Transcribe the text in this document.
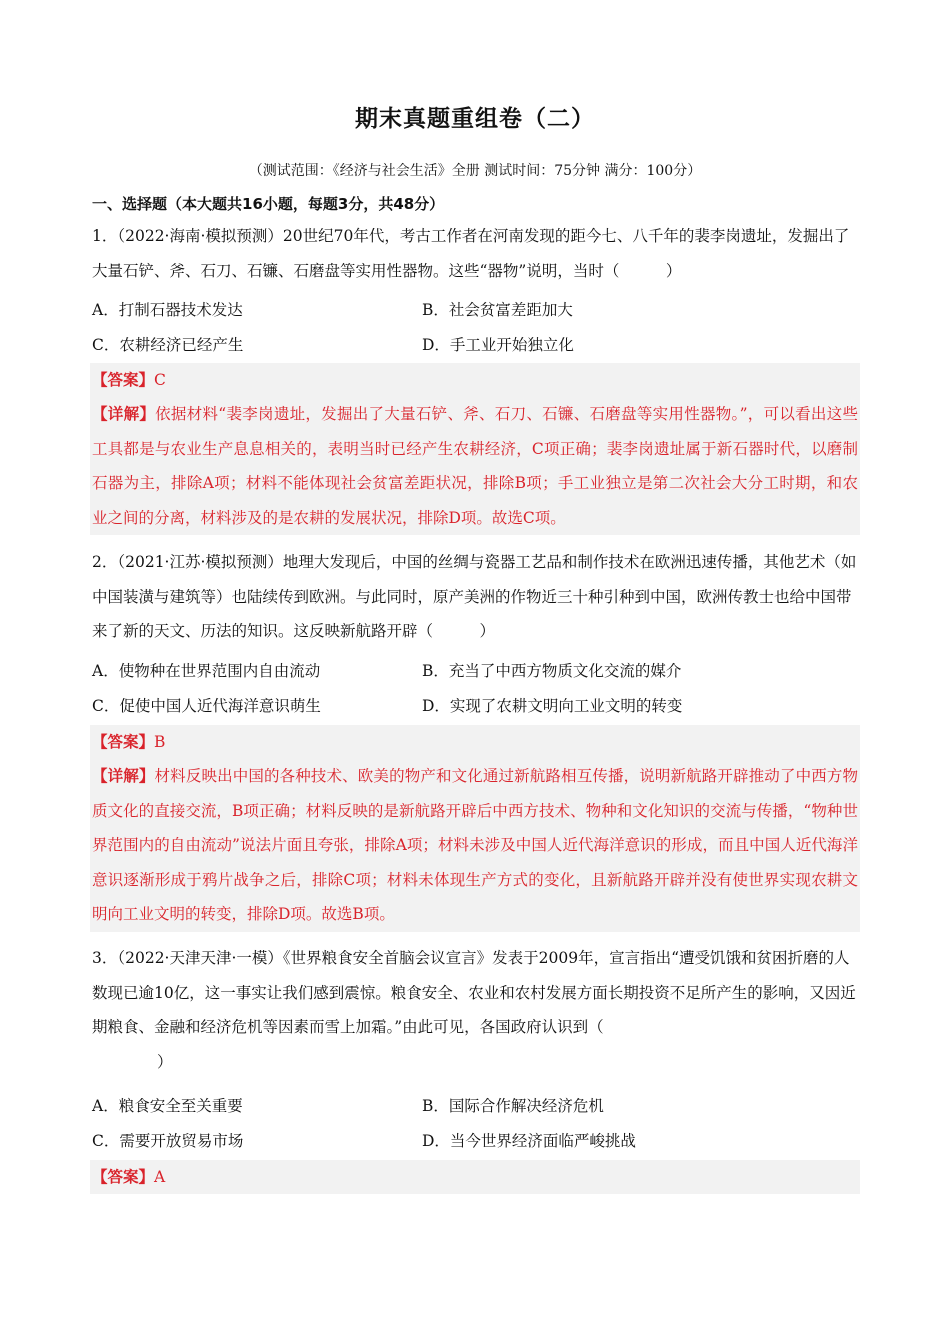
期末真题重组卷（二）
（测试范围：《经济与社会生活》全册 测试时间：75分钟 满分：100分）
一、选择题（本大题共16小题，每题3分，共48分）

1．（2022·海南·模拟预测）20世纪70年代，考古工作者在河南发现的距今七、八千年的裴李岗遗址，发掘出了大量石铲、斧、石刀、石镰、石磨盘等实用性器物。这些“器物”说明，当时（　　　）

A．打制石器技术发达	B．社会贫富差距加大
C．农耕经济已经产生	D．手工业开始独立化
【答案】C
【详解】依据材料“裴李岗遗址，发掘出了大量石铲、斧、石刀、石镰、石磨盘等实用性器物。”，可以看出这些工具都是与农业生产息息相关的，表明当时已经产生农耕经济，C项正确；裴李岗遗址属于新石器时代，以磨制石器为主，排除A项；材料不能体现社会贫富差距状况，排除B项；手工业独立是第二次社会大分工时期，和农业之间的分离，材料涉及的是农耕的发展状况，排除D项。故选C项。

2．（2021·江苏·模拟预测）地理大发现后，中国的丝绸与瓷器工艺品和制作技术在欧洲迅速传播，其他艺术（如中国装潢与建筑等）也陆续传到欧洲。与此同时，原产美洲的作物近三十种引种到中国，欧洲传教士也给中国带来了新的天文、历法的知识。这反映新航路开辟（　　　）

A．使物种在世界范围内自由流动	B．充当了中西方物质文化交流的媒介
C．促使中国人近代海洋意识萌生	D．实现了农耕文明向工业文明的转变
【答案】B
【详解】材料反映出中国的各种技术、欧美的物产和文化通过新航路相互传播，说明新航路开辟推动了中西方物质文化的直接交流，B项正确；材料反映的是新航路开辟后中西方技术、物种和文化知识的交流与传播，“物种世界范围内的自由流动”说法片面且夸张，排除A项；材料未涉及中国人近代海洋意识的形成，而且中国人近代海洋意识逐渐形成于鸦片战争之后，排除C项；材料未体现生产方式的变化，且新航路开辟并没有使世界实现农耕文明向工业文明的转变，排除D项。故选B项。

3．（2022·天津天津·一模）《世界粮食安全首脑会议宣言》发表于2009年，宣言指出“遭受饥饿和贫困折磨的人数现已逾10亿，这一事实让我们感到震惊。粮食安全、农业和农村发展方面长期投资不足所产生的影响，又因近期粮食、金融和经济危机等因素而雪上加霜。”由此可见，各国政府认识到（

　　）

A．粮食安全至关重要	B．国际合作解决经济危机
C．需要开放贸易市场	D．当今世界经济面临严峻挑战
【答案】A
